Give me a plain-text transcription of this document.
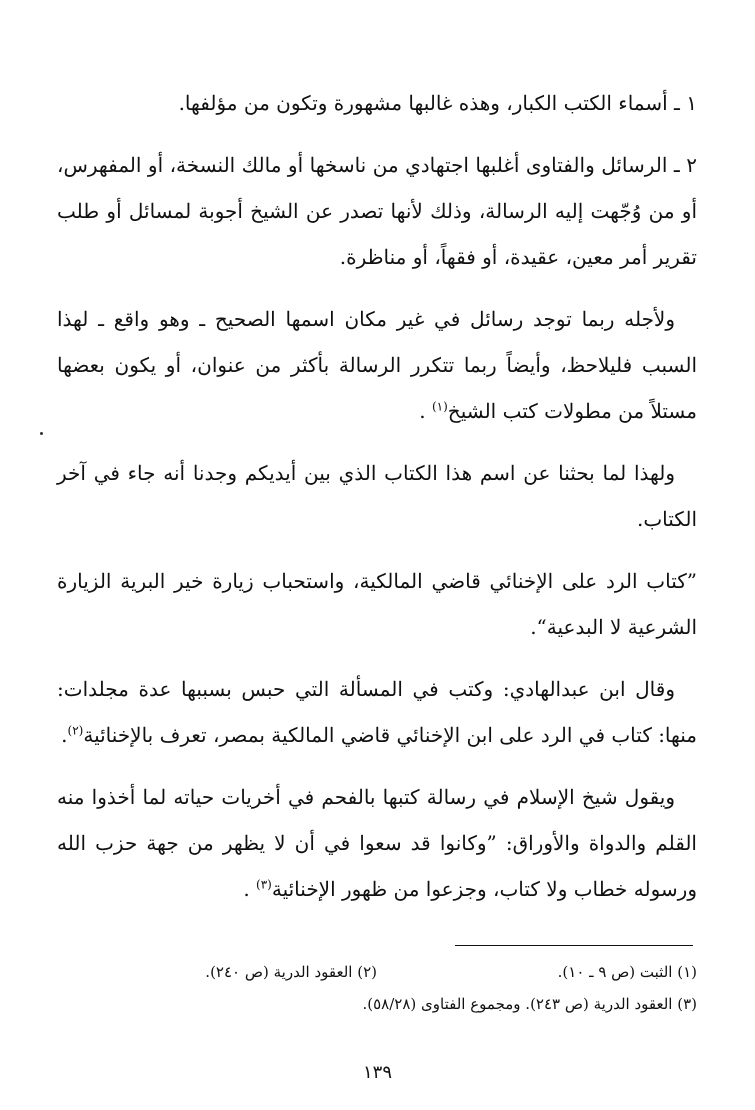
١ ـ أسماء الكتب الكبار، وهذه غالبها مشهورة وتكون من مؤلفها.

٢ ـ الرسائل والفتاوى أغلبها اجتهادي من ناسخها أو مالك النسخة، أو المفهرس، أو من وُجّهت إليه الرسالة، وذلك لأنها تصدر عن الشيخ أجوبة لمسائل أو طلب تقرير أمر معين، عقيدة، أو فقهاً، أو مناظرة.

ولأجله ربما توجد رسائل في غير مكان اسمها الصحيح ـ وهو واقع ـ لهذا السبب فليلاحظ، وأيضاً ربما تتكرر الرسالة بأكثر من عنوان، أو يكون بعضها مستلاً من مطولات كتب الشيخ$^{(١)}$ .

ولهذا لما بحثنا عن اسم هذا الكتاب الذي بين أيديكم وجدنا أنه جاء في آخر الكتاب.

”كتاب الرد على الإخنائي قاضي المالكية، واستحباب زيارة خير البرية الزيارة الشرعية لا البدعية“.

وقال ابن عبدالهادي: وكتب في المسألة التي حبس بسببها عدة مجلدات: منها: كتاب في الرد على ابن الإخنائي قاضي المالكية بمصر، تعرف بالإخنائية$^{(٢)}$.

ويقول شيخ الإسلام في رسالة كتبها بالفحم في أخريات حياته لما أخذوا منه القلم والدواة والأوراق: ”وكانوا قد سعوا في أن لا يظهر من جهة حزب الله ورسوله خطاب ولا كتاب، وجزعوا من ظهور الإخنائية$^{(٣)}$ .

(١) الثبت (ص ٩ ـ ١٠).
(٢) العقود الدرية (ص ٢٤٠).
(٣) العقود الدرية (ص ٢٤٣). ومجموع الفتاوى (٥٨/٢٨).
١٣٩
